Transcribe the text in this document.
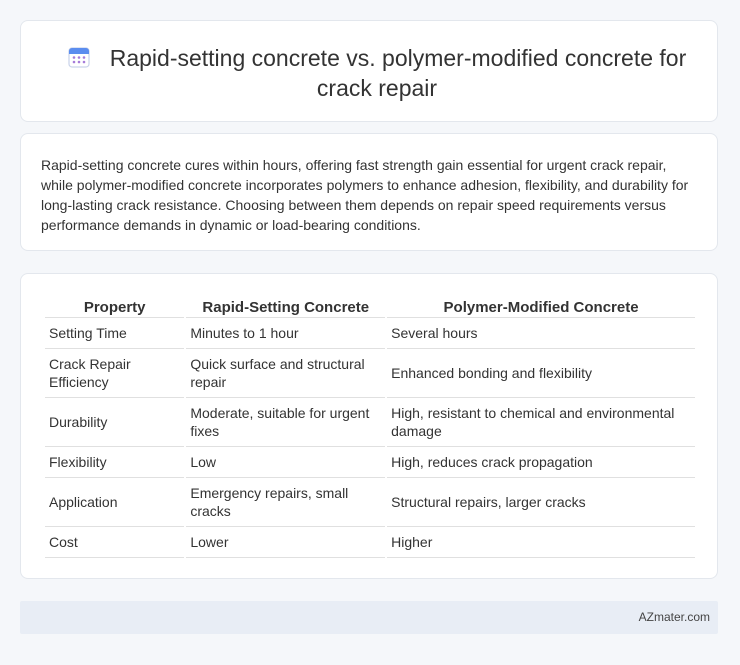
Rapid-setting concrete vs. polymer-modified concrete for crack repair

Rapid-setting concrete cures within hours, offering fast strength gain essential for urgent crack repair, while polymer-modified concrete incorporates polymers to enhance adhesion, flexibility, and durability for long-lasting crack resistance. Choosing between them depends on repair speed requirements versus performance demands in dynamic or load-bearing conditions.

Property	Rapid-Setting Concrete	Polymer-Modified Concrete
Setting Time	Minutes to 1 hour	Several hours
Crack Repair Efficiency	Quick surface and structural repair	Enhanced bonding and flexibility
Durability	Moderate, suitable for urgent fixes	High, resistant to chemical and environmental damage
Flexibility	Low	High, reduces crack propagation
Application	Emergency repairs, small cracks	Structural repairs, larger cracks
Cost	Lower	Higher
AZmater.com
